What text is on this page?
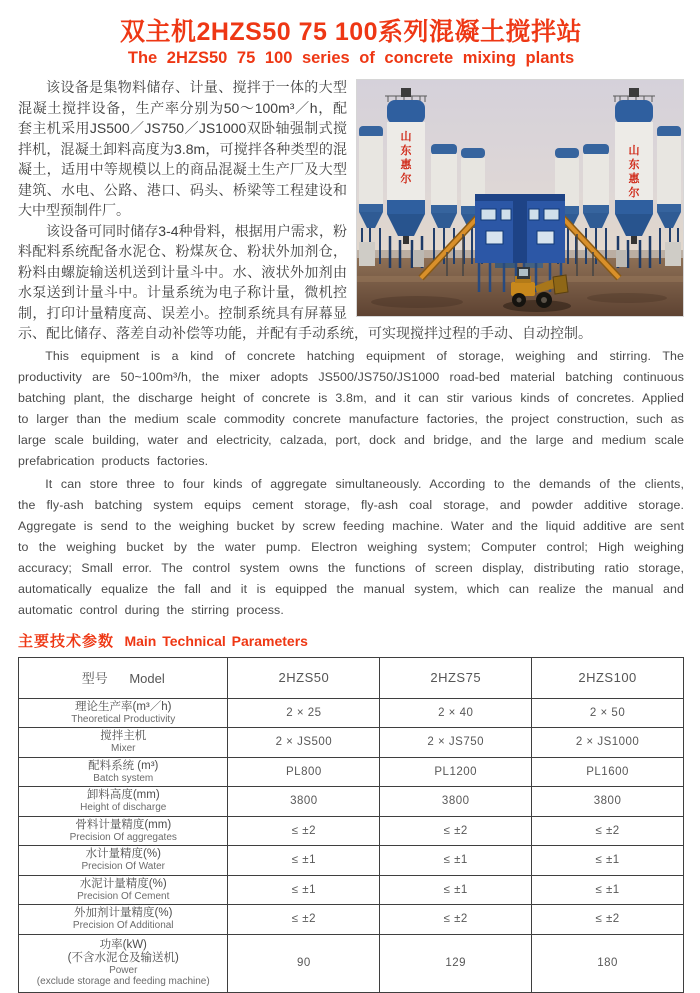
双主机2HZS50 75 100系列混凝土搅拌站
The 2HZS50 75 100 series of concrete mixing plants
山东惠尔
山东惠尔

该设备是集物料储存、计量、搅拌于一体的大型混凝土搅拌设备，生产率分别为50～100m³／h，配套主机采用JS500／JS750／JS1000双卧轴强制式搅拌机，混凝土卸料高度为3.8m，可搅拌各种类型的混凝土，适用中等规模以上的商品混凝土生产厂及大型建筑、水电、公路、港口、码头、桥梁等工程建设和大中型预制件厂。

该设备可同时储存3-4种骨料，根据用户需求，粉料配料系统配备水泥仓、粉煤灰仓、粉状外加剂仓，粉料由螺旋输送机送到计量斗中。水、液状外加剂由水泵送到计量斗中。计量系统为电子称计量，微机控制，打印计量精度高、误差小。控制系统具有屏幕显示、配比储存、落差自动补偿等功能，并配有手动系统，可实现搅拌过程的手动、自动控制。

This equipment is a kind of concrete hatching equipment of storage, weighing and stirring. The productivity are 50~100m³/h, the mixer adopts JS500/JS750/JS1000 road-bed material batching continuous batching plant, the discharge height of concrete is 3.8m, and it can stir various kinds of concretes. Applied to larger than the medium scale commodity concrete manufacture factories, the project construction, such as large scale building, water and electricity, calzada, port, dock and bridge, and the large and medium scale prefabrication products factories.

It can store three to four kinds of aggregate simultaneously. According to the demands of the clients, the fly-ash batching system equips cement storage, fly-ash coal storage, and powder additive storage. Aggregate is send to the weighing bucket by screw feeding machine. Water and the liquid additive are sent to the weighing bucket by the water pump. Electron weighing system; Computer control; High weighing accuracy; Small error. The control system owns the functions of screen display, distributing ratio storage, automatically equalize the fall and it is equipped the manual system, which can realize the manual and automatic control during the stirring process.

主要技术参数 Main Technical Parameters
型号 Model	2HZS50	2HZS75	2HZS100

理论生产率(m³／h)
Theoretical Productivity	2 × 25	2 × 40	2 × 50

搅拌主机
Mixer	2 × JS500	2 × JS750	2 × JS1000

配料系统 (m³)
Batch system	PL800	PL1200	PL1600

卸料高度(mm)
Height of discharge	3800	3800	3800

骨料计量精度(mm)
Precision Of aggregates	≤ ±2	≤ ±2	≤ ±2

水计量精度(%)
Precision Of Water	≤ ±1	≤ ±1	≤ ±1

水泥计量精度(%)
Precision Of Cement	≤ ±1	≤ ±1	≤ ±1

外加剂计量精度(%)
Precision Of Additional	≤ ±2	≤ ±2	≤ ±2

功率(kW)
(不含水泥仓及输送机)
Power
(exclude storage and feeding machine)	90	129	180
